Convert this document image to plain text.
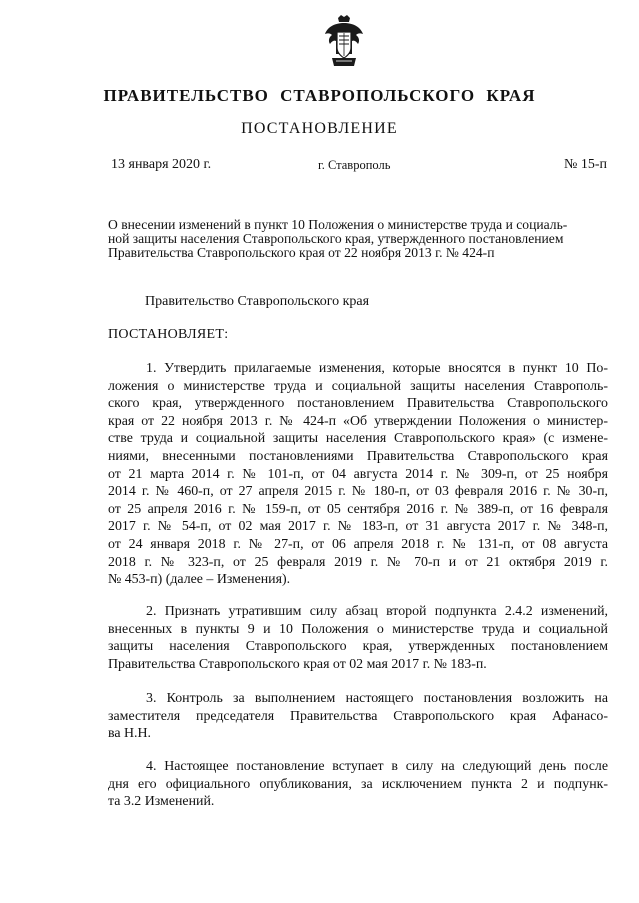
ПРАВИТЕЛЬСТВО СТАВРОПОЛЬСКОГО КРАЯ
ПОСТАНОВЛЕНИЕ
13 января 2020 г.	г. Ставрополь	№ 15-п
О внесении изменений в пункт 10 Положения о министерстве труда и социаль-
ной защиты населения Ставропольского края, утвержденного постановлением
Правительства Ставропольского края от 22 ноября 2013 г. № 424-п
Правительство Ставропольского края
ПОСТАНОВЛЯЕТ:
1. Утвердить прилагаемые изменения, которые вносятся в пункт 10 По-
ложения о министерстве труда и социальной защиты населения Ставрополь-
ского края, утвержденного постановлением Правительства Ставропольского
края от 22 ноября 2013 г. № 424-п «Об утверждении Положения о министер-
стве труда и социальной защиты населения Ставропольского края» (с измене-
ниями, внесенными постановлениями Правительства Ставропольского края
от 21 марта 2014 г. № 101-п, от 04 августа 2014 г. № 309-п, от 25 ноября
2014 г. № 460-п, от 27 апреля 2015 г. № 180-п, от 03 февраля 2016 г. № 30-п,
от 25 апреля 2016 г. № 159-п, от 05 сентября 2016 г. № 389-п, от 16 февраля
2017 г. № 54-п, от 02 мая 2017 г. № 183-п, от 31 августа 2017 г. № 348-п,
от 24 января 2018 г. № 27-п, от 06 апреля 2018 г. № 131-п, от 08 августа
2018 г. № 323-п, от 25 февраля 2019 г. № 70-п и от 21 октября 2019 г.
№ 453-п) (далее – Изменения).
2. Признать утратившим силу абзац второй подпункта 2.4.2 изменений,
внесенных в пункты 9 и 10 Положения о министерстве труда и социальной
защиты населения Ставропольского края, утвержденных постановлением
Правительства Ставропольского края от 02 мая 2017 г. № 183-п.
3. Контроль за выполнением настоящего постановления возложить на
заместителя председателя Правительства Ставропольского края Афанасо-
ва Н.Н.
4. Настоящее постановление вступает в силу на следующий день после
дня его официального опубликования, за исключением пункта 2 и подпунк-
та 3.2 Изменений.
